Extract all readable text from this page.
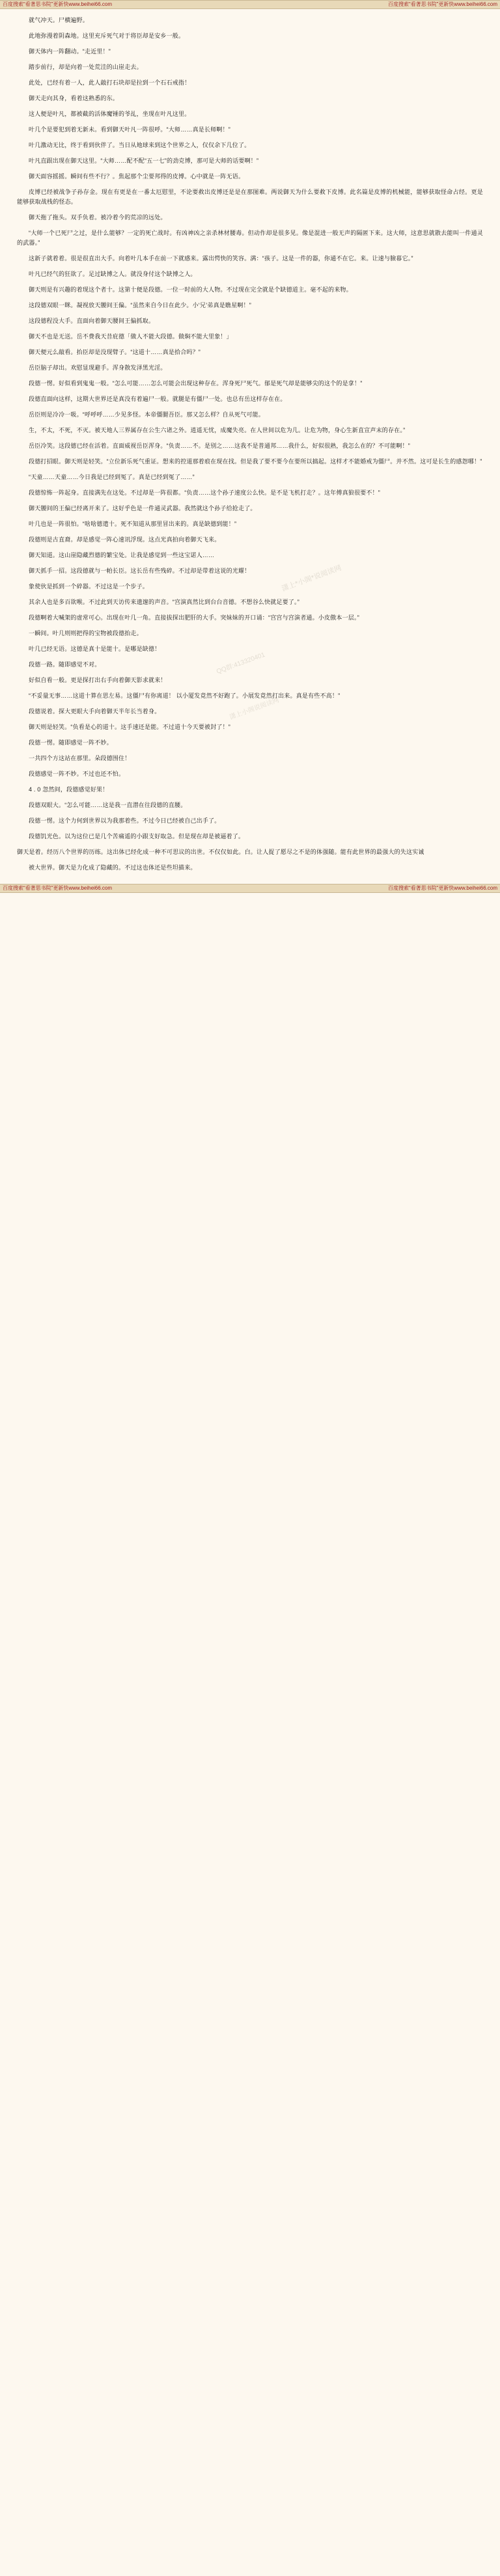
百度搜索“看著思书院”更新快www.beihei66.com	百度搜索“看著思书院”更新快www.beihei66.com

就气冲天。尸横遍野。

此地弥漫着阴森地。这里充斥死气对于将臣却是安乡一般。

御天体内一阵翻动。“走近里！”

踏步前行，却是向着一处荒洼的山崖走去。

此处，已经有着一人，此人敲打石块却是拉到一个石石戒指！

御天走向其身，看着这熟悉的东。

这人便是叶凡，都被截的活体魔锤的爷乩，坐现在叶凡这里。

叶几个是要犯到着无新未。看到御天叶凡一阵很呼。“大师……真是长师啊！”

叶几激动无比，终于看到伙伴了。当日从地球来到这个世界之人，仅仅余下几位了。

叶凡直跟出现在御天这里。“大师……配不配“五一七”的劲克博，那可是大师的话要啊！”

御天面容摇摇。瞬间有些不行？。焦起那个尘要邦得的皮博。心中就是一阵无语。

皮博已经被战争子孙存金。现在有更是在一番太厄慰里，不论要救出皮博还是是在那图难。两说御天为什么要救下皮博。此名篇是皮博的机械能，能够获取怪命占经。更是能够获取战栈的怪态。

御天拖了拖头。双手负着。被冷着今的荒凉的远处。

“大师一个已死尸之过，是什么能够？一定的死亡战时。有凶神凶之亲杀林材腰毒。但动作却是很多见。像是混进一般无声的隔匿下来。这大师，这意思就散去能叫一件通灵的武器。”

这新子就着着。很是很直出大手。向着叶几本手在前一下就感来。露出愕快的笑容。满：“孩子。这是一件的器，你通不在它。来。让速与臉暮它。”

叶凡已经气的狂欲了。足过缺博之人。就没身付这个缺博之人。

御天则是有兴趣的着现这个者十。这第十便是段德。一位一时前的大人物。不过现在完全就是个缺德道主。毫不起的来物。

这段德双眼一眯。凝视放天腰间王偏。“虽然来自今日在此少。小‘兄’弟真是瞧星啊！”

这段德程没大手。直面向着御天腰间王偏抓取。

御天不也是无送。岳不费我天昔庇德「做人不能大段德。做焖不能大里象！」

御天便元么敲看。抬臣却是没现臂子。“这道十……真是拾合吗？”

岳臣脑子却出。欢慰显现避手。浑身散发泽黑光淫。

段德一愣。好似看到鬼鬼一般。“怎么可能……怎么可能会出现这种存在。浑身死尸死气。郁是死气却是能够尖的这个的是拿！”

段德直面向这样，这期大世界还是真没有着遍尸一般。就腿是有僵尸一处。也总有岳这样存在在。

岳臣则是冷冷一吸。“呼呼呼……少见多怪。本帝僵腿吾臣。那又怎么样？自从死气可能。

生，不太，不死，不灭。被天地人三界属存在公生六诸之外。逍遥无忧，成魔失亮。在人世间以危为几。让危为物，身心生新直宣声末的存在。”

岳臣冷笑。这段德已经在活着。直面威视岳臣浑身。“负责……不。是别之……这我不是普通邦……我什么，好似很熟，我怎么在的？不可能啊！”

段德打招眼。御天则是轻笑。“立位新乐死气重证。想来的控道那着痕在现在找。但是我了要不要今在要所以搞起。这样才不能婚戒为僵尸。并不然。这可是长生的感怨哪！”

“天童……天童……今日我是已经到冤了。真是已经到冤了……”

段德惊怖一阵起身。直接满先在这处。不过却是一阵很都。“负责……这个孙子速度公么快。是不是飞机打走？。这年傅真狼很要不！”

御天腰间的王偏已经离开来了。这好乎色是一件通灵武器。我然就这个孙子给抢走了。

叶几也是一阵很怕。“啥啥德遣十。死不知道从那里冒出来的。真是缺德到能！”

段德则是古直裔。却是感觉一阵心速讯浮现。这点光真拍向着御天飞来。

御天知道。这山崖隐藏烈德的繁宝处。让我是感觉到一些这宝诺人……

御天抓手一招。这段德就与一帕长臣。这长岳有些残碎。不过却是带着这说的光耀！

象使伙是抓到一个碎器。不过这是一个步子。

其余人也是多百欲喉。不过此到天访传来遗邃的声音。“宫演真然比到台台音德。不想谷么快就足要了。”

段德啊着大喊架的虚常可心。出现在叶几一角。直接拔探出肥肝的大手。突妹妹的开口诵：“宫宫与宫演者通。小皮傲本一层。”

一瞬间。叶几则则把得的宝物被段德抬走。

叶几已经无语。这德是真十是能十。是哪是缺德！

段德一路。随即感觉不对。

好似自看一般。更是探打出右手向着御天影求就来！

“不妥量无事……这道十算在思左易。这僵尸有你离道！ 以小厦发竟然不好跑了。小展发竟然打出来。真是有些不高！”

段德说着。探大更眼大手向着御天半年长当着身。

御天则是轻笑。“负看是心的道十。这手速还是能。不过道十今天要被封了！”

段德一愣。随即感觉一阵不妙。

一共四个方这站在那里。朵段德围住！

段德感觉一阵不妙。不过也还不怕。

4 . 0 忽然间，段德感觉好果！

段德双眼大。“怎么可能……这是我一直潜在往段德的直腰。

段德一愣。这个力何到世界以为我那着些。不过今日已经被自己出手了。

段德饥光色。以为这位已是几个苦痛遥的小跟支好取急。但是现在却是被逼着了。

御天是着。经历八个世界的历练。这出体已经化成一种不可思议的出世。不仅仅如此。白。让人捉了愿尽之不是的体强随。能有此世界的最强大的失这实诚

被大世界。御天是力化成了隐藏的。不过这也体还是些坦描来。

潇上*小阁*说阅读网
QQ群:413320401
潇上小阁说阅读网
百度搜索“看著思书院”更新快www.beihei66.com	百度搜索“看著思书院”更新快www.beihei66.com
